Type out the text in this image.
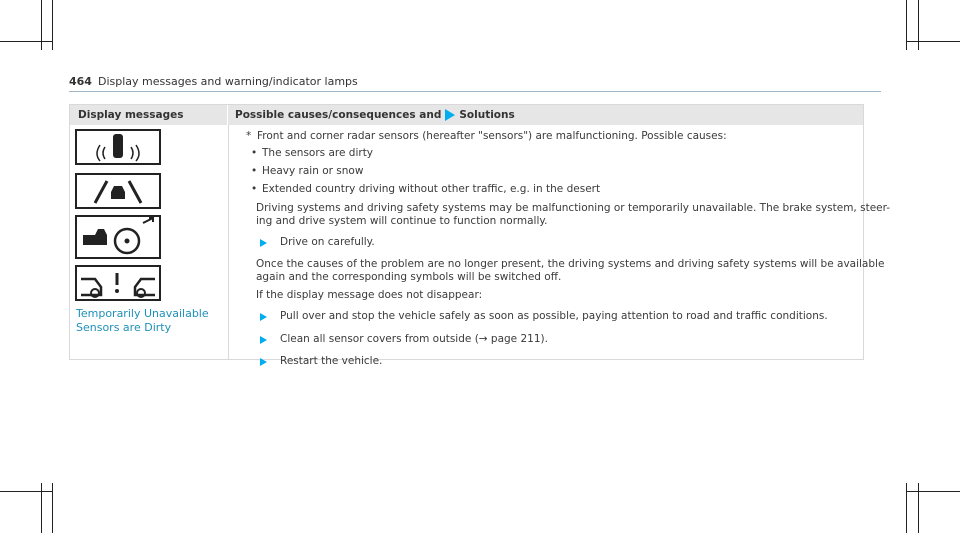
464 Display messages and warning/indicator lamps
Display messages	Possible causes/consequences and Solutions
Temporarily Unavailable
Sensors are Dirty
* Front and corner radar sensors (hereafter "sensors") are malfunctioning. Possible causes:
• The sensors are dirty
• Heavy rain or snow
• Extended country driving without other traffic, e.g. in the desert
Driving systems and driving safety systems may be malfunctioning or temporarily unavailable. The brake system, steer-
ing and drive system will continue to function normally.
Drive on carefully.
Once the causes of the problem are no longer present, the driving systems and driving safety systems will be available
again and the corresponding symbols will be switched off.
If the display message does not disappear:
Pull over and stop the vehicle safely as soon as possible, paying attention to road and traffic conditions.
Clean all sensor covers from outside (→ page 211).
Restart the vehicle.
